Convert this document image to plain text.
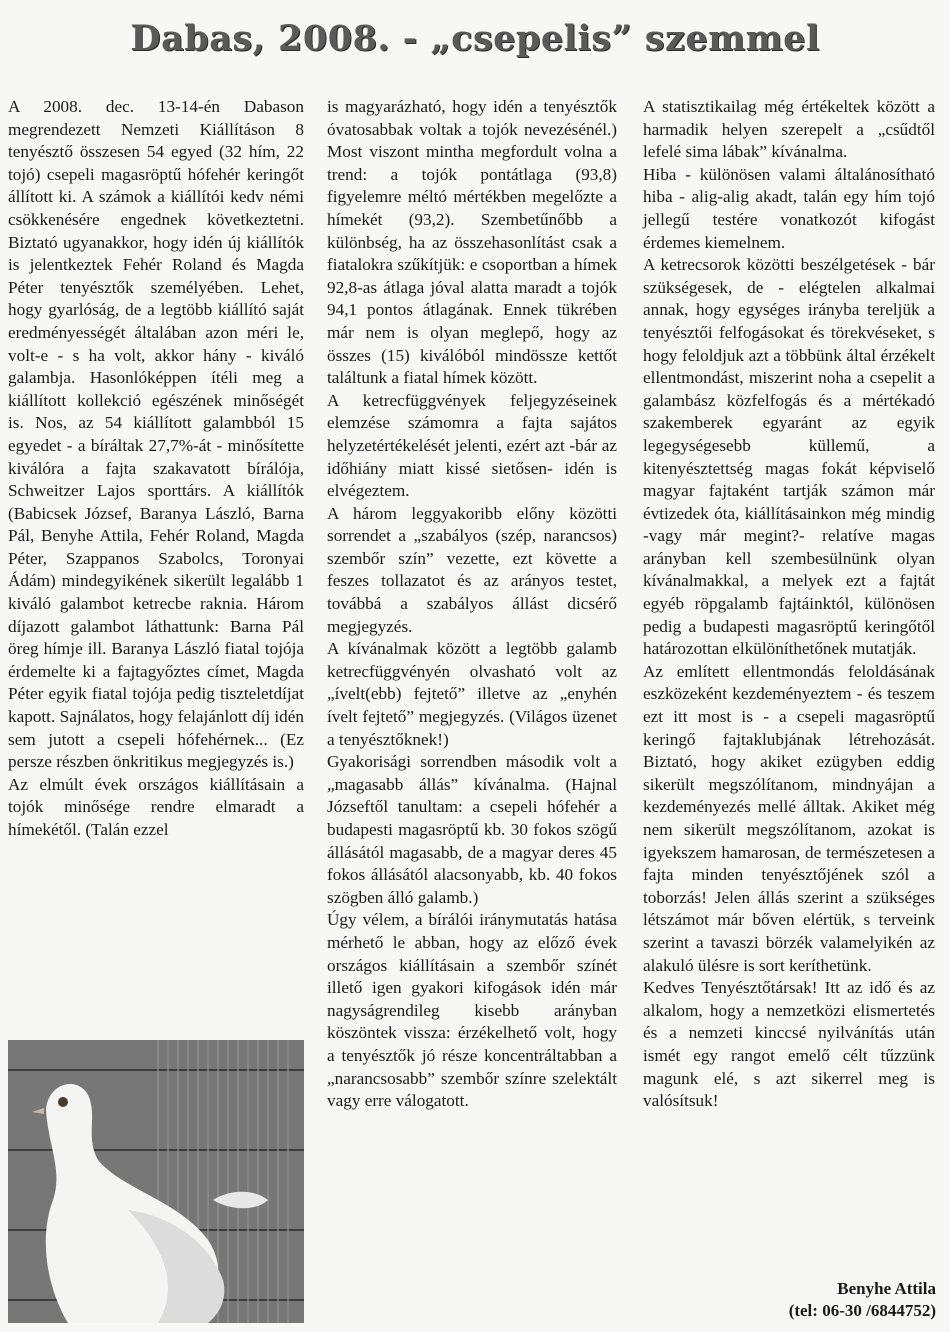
Dabas, 2008. - „csepelis” szemmel

A 2008. dec. 13-14-én Dabason megrendezett Nemzeti Kiállításon 8 tenyésztő összesen 54 egyed (32 hím, 22 tojó) csepeli magasröptű hófehér keringőt állított ki. A számok a kiállítói kedv némi csökkenésére engednek következtetni. Biztató ugyanakkor, hogy idén új kiállítók is jelentkeztek Fehér Roland és Magda Péter tenyésztők személyében. Lehet, hogy gyarlóság, de a legtöbb kiállító saját eredményességét általában azon méri le, volt-e - s ha volt, akkor hány - kiváló galambja. Hasonlóképpen ítéli meg a kiállított kollekció egészének minőségét is. Nos, az 54 kiállított galambból 15 egyedet - a bíráltak 27,7%-át - minősítette kiválóra a fajta szakavatott bírálója, Schweitzer Lajos sporttárs. A kiállítók (Babicsek József, Baranya László, Barna Pál, Benyhe Attila, Fehér Roland, Magda Péter, Szappanos Szabolcs, Toronyai Ádám) mindegyikének sikerült legalább 1 kiváló galambot ketrecbe raknia. Három díjazott galambot láthattunk: Barna Pál öreg hímje ill. Baranya László fiatal tojója érdemelte ki a fajtagyőztes címet, Magda Péter egyik fiatal tojója pedig tiszteletdíjat kapott. Sajnálatos, hogy felajánlott díj idén sem jutott a csepeli hófehérnek... (Ez persze részben önkritikus megjegyzés is.)

Az elmúlt évek országos kiállításain a tojók minősége rendre elmaradt a hímekétől. (Talán ezzel

is magyarázható, hogy idén a tenyésztők óvatosabbak voltak a tojók nevezésénél.) Most viszont mintha megfordult volna a trend: a tojók pontátlaga (93,8) figyelemre méltó mértékben megelőzte a hímekét (93,2). Szembetűnőbb a különbség, ha az összehasonlítást csak a fiatalokra szűkítjük: e csoportban a hímek 92,8-as átlaga jóval alatta maradt a tojók 94,1 pontos átlagának. Ennek tükrében már nem is olyan meglepő, hogy az összes (15) kiválóból mindössze kettőt találtunk a fiatal hímek között.

A ketrecfüggvények feljegyzéseinek elemzése számomra a fajta sajátos helyzetértékelését jelenti, ezért azt -bár az időhiány miatt kissé sietősen- idén is elvégeztem.

A három leggyakoribb előny közötti sorrendet a „szabályos (szép, narancsos) szembőr szín” vezette, ezt követte a feszes tollazatot és az arányos testet, továbbá a szabályos állást dicsérő megjegyzés.

A kívánalmak között a legtöbb galamb ketrecfüggvényén olvasható volt az „ívelt(ebb) fejtető” illetve az „enyhén ívelt fejtető” megjegyzés. (Világos üzenet a tenyésztőknek!)

Gyakorisági sorrendben második volt a „magasabb állás” kívánalma. (Hajnal Józseftől tanultam: a csepeli hófehér a budapesti magasröptű kb. 30 fokos szögű állásától magasabb, de a magyar deres 45 fokos állásától alacsonyabb, kb. 40 fokos szögben álló galamb.)

Úgy vélem, a bírálói iránymutatás hatása mérhető le abban, hogy az előző évek országos kiállításain a szembőr színét illető igen gyakori kifogások idén már nagyságrendileg kisebb arányban köszöntek vissza: érzékelhető volt, hogy a tenyésztők jó része koncentráltabban a „narancsosabb” szembőr színre szelektált vagy erre válogatott.

A statisztikailag még értékeltek között a harmadik helyen szerepelt a „csűdtől lefelé sima lábak” kívánalma.

Hiba - különösen valami általánosítható hiba - alig-alig akadt, talán egy hím tojó jellegű testére vonatkozót kifogást érdemes kiemelnem.

A ketrecsorok közötti beszélgetések - bár szükségesek, de - elégtelen alkalmai annak, hogy egységes irányba tereljük a tenyésztői felfogásokat és törekvéseket, s hogy feloldjuk azt a többünk által érzékelt ellentmondást, miszerint noha a csepelit a galambász közfelfogás és a mértékadó szakemberek egyaránt az egyik legegységesebb küllemű, a kitenyésztettség magas fokát képviselő magyar fajtaként tartják számon már évtizedek óta, kiállításainkon még mindig -vagy már megint?- relatíve magas arányban kell szembesülnünk olyan kívánalmakkal, a melyek ezt a fajtát egyéb röpgalamb fajtáinktól, különösen pedig a budapesti magasröptű keringőtől határozottan elkülöníthetőnek mutatják.

Az említett ellentmondás feloldásának eszközeként kezdeményeztem - és teszem ezt itt most is - a csepeli magasröptű keringő fajtaklubjának létrehozását. Biztató, hogy akiket ezügyben eddig sikerült megszólítanom, mindnyájan a kezdeményezés mellé álltak. Akiket még nem sikerült megszólítanom, azokat is igyekszem hamarosan, de természetesen a fajta minden tenyésztőjének szól a toborzás! Jelen állás szerint a szükséges létszámot már bőven elértük, s terveink szerint a tavaszi börzék valamelyikén az alakuló ülésre is sort keríthetünk.

Kedves Tenyésztőtársak! Itt az idő és az alkalom, hogy a nemzetközi elismertetés és a nemzeti kinccsé nyilvánítás után ismét egy rangot emelő célt tűzzünk magunk elé, s azt sikerrel meg is valósítsuk!

Benyhe Attila
(tel: 06-30 /6844752)
